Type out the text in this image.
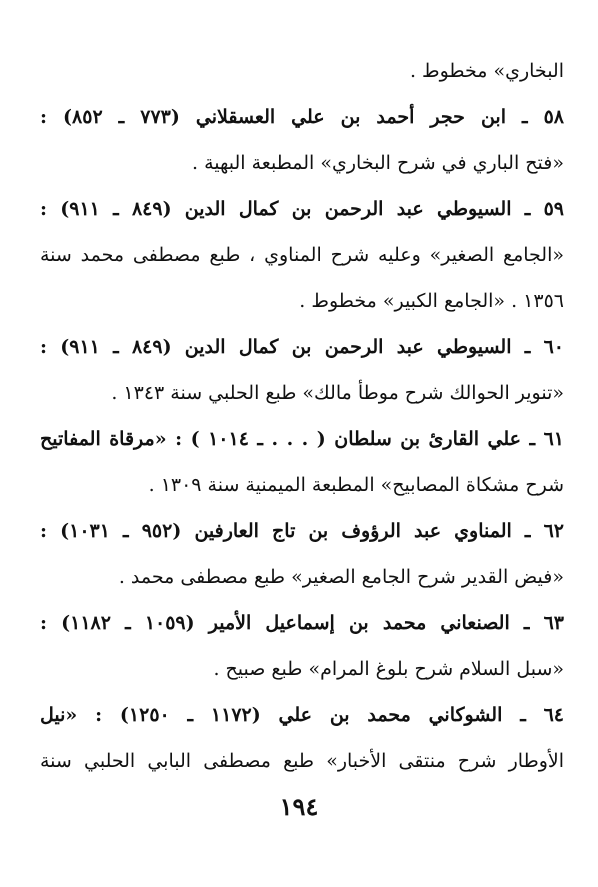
البخاري» مخطوط .
٥٨ ـ ابن حجر أحمد بن علي العسقلاني (٧٧٣ ـ ٨٥٢) :
«فتح الباري في شرح البخاري» المطبعة البهية .
٥٩ ـ السيوطي عبد الرحمن بن كمال الدين (٨٤٩ ـ ٩١١) :
«الجامع الصغير» وعليه شرح المناوي ، طبع مصطفى محمد سنة
١٣٥٦ . «الجامع الكبير» مخطوط .
٦٠ ـ السيوطي عبد الرحمن بن كمال الدين (٨٤٩ ـ ٩١١) :
«تنوير الحوالك شرح موطأ مالك» طبع الحلبي سنة ١٣٤٣ .
٦١ ـ علي القارئ بن سلطان ( . . . ـ ١٠١٤ ) : «مرقاة المفاتيح
شرح مشكاة المصابيح» المطبعة الميمنية سنة ١٣٠٩ .
٦٢ ـ المناوي عبد الرؤوف بن تاج العارفين (٩٥٢ ـ ١٠٣١) :
«فيض القدير شرح الجامع الصغير» طبع مصطفى محمد .
٦٣ ـ الصنعاني محمد بن إسماعيل الأمير (١٠٥٩ ـ ١١٨٢) :
«سبل السلام شرح بلوغ المرام» طبع صبيح .
٦٤ ـ الشوكاني محمد بن علي (١١٧٢ ـ ١٢٥٠) : «نيل
الأوطار شرح منتقى الأخبار» طبع مصطفى البابي الحلبي سنة
١٩٤
